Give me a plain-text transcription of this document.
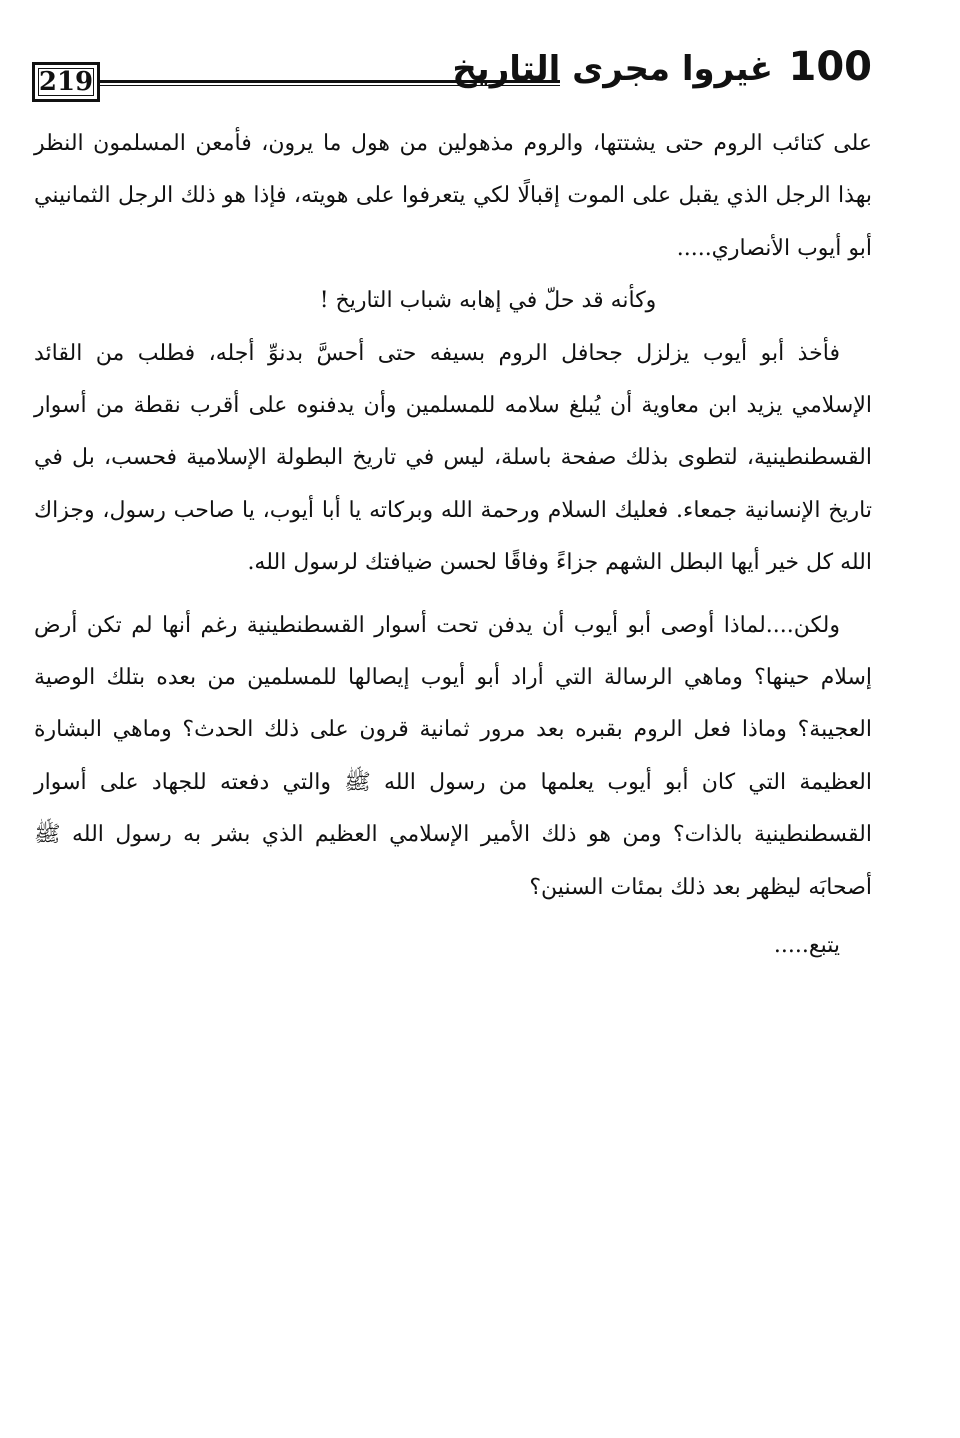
219	100 غيروا مجرى التاريخ

على كتائب الروم حتى يشتتها، والروم مذهولين من هول ما يرون، فأمعن المسلمون النظر بهذا الرجل الذي يقبل على الموت إقبالًا لكي يتعرفوا على هويته، فإذا هو ذلك الرجل الثمانيني أبو أيوب الأنصاري.....

وكأنه قد حلّ في إهابه شباب التاريخ !

فأخذ أبو أيوب يزلزل جحافل الروم بسيفه حتى أحسَّ بدنوِّ أجله، فطلب من القائد الإسلامي يزيد ابن معاوية أن يُبلغ سلامه للمسلمين وأن يدفنوه على أقرب نقطة من أسوار القسطنطينية، لتطوى بذلك صفحة باسلة، ليس في تاريخ البطولة الإسلامية فحسب، بل في تاريخ الإنسانية جمعاء. فعليك السلام ورحمة الله وبركاته يا أبا أيوب، يا صاحب رسول، وجزاك الله كل خير أيها البطل الشهم جزاءً وفاقًا لحسن ضيافتك لرسول الله.

ولكن....لماذا أوصى أبو أيوب أن يدفن تحت أسوار القسطنطينية رغم أنها لم تكن أرض إسلام حينها؟ وماهي الرسالة التي أراد أبو أيوب إيصالها للمسلمين من بعده بتلك الوصية العجيبة؟ وماذا فعل الروم بقبره بعد مرور ثمانية قرون على ذلك الحدث؟ وماهي البشارة العظيمة التي كان أبو أيوب يعلمها من رسول الله ﷺ والتي دفعته للجهاد على أسوار القسطنطينية بالذات؟ ومن هو ذلك الأمير الإسلامي العظيم الذي بشر به رسول الله ﷺ أصحابَه ليظهر بعد ذلك بمئات السنين؟

يتبع.....
